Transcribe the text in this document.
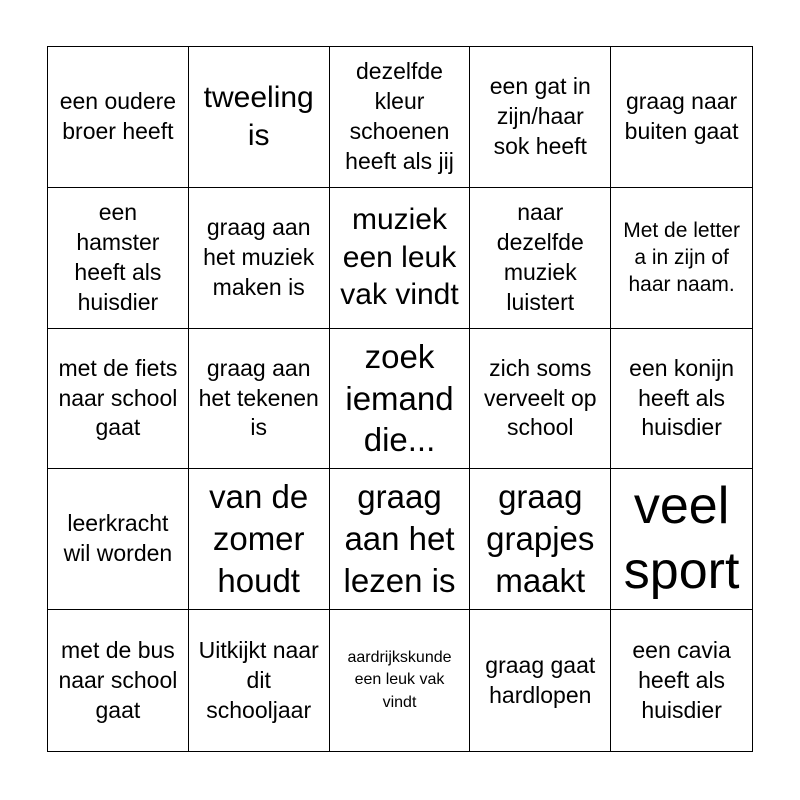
een oudere broer heeft
tweeling is
dezelfde kleur schoenen heeft als jij
een gat in zijn/haar sok heeft
graag naar buiten gaat
een hamster heeft als huisdier
graag aan het muziek maken is
muziek een leuk vak vindt
naar dezelfde muziek luistert
Met de letter a in zijn of haar naam.
met de fiets naar school gaat
graag aan het tekenen is
zoek iemand die...
zich soms verveelt op school
een konijn heeft als huisdier
leerkracht wil worden
van de zomer houdt
graag aan het lezen is
graag grapjes maakt
veel sport
met de bus naar school gaat
Uitkijkt naar dit schooljaar
aardrijkskunde een leuk vak vindt
graag gaat hardlopen
een cavia heeft als huisdier
